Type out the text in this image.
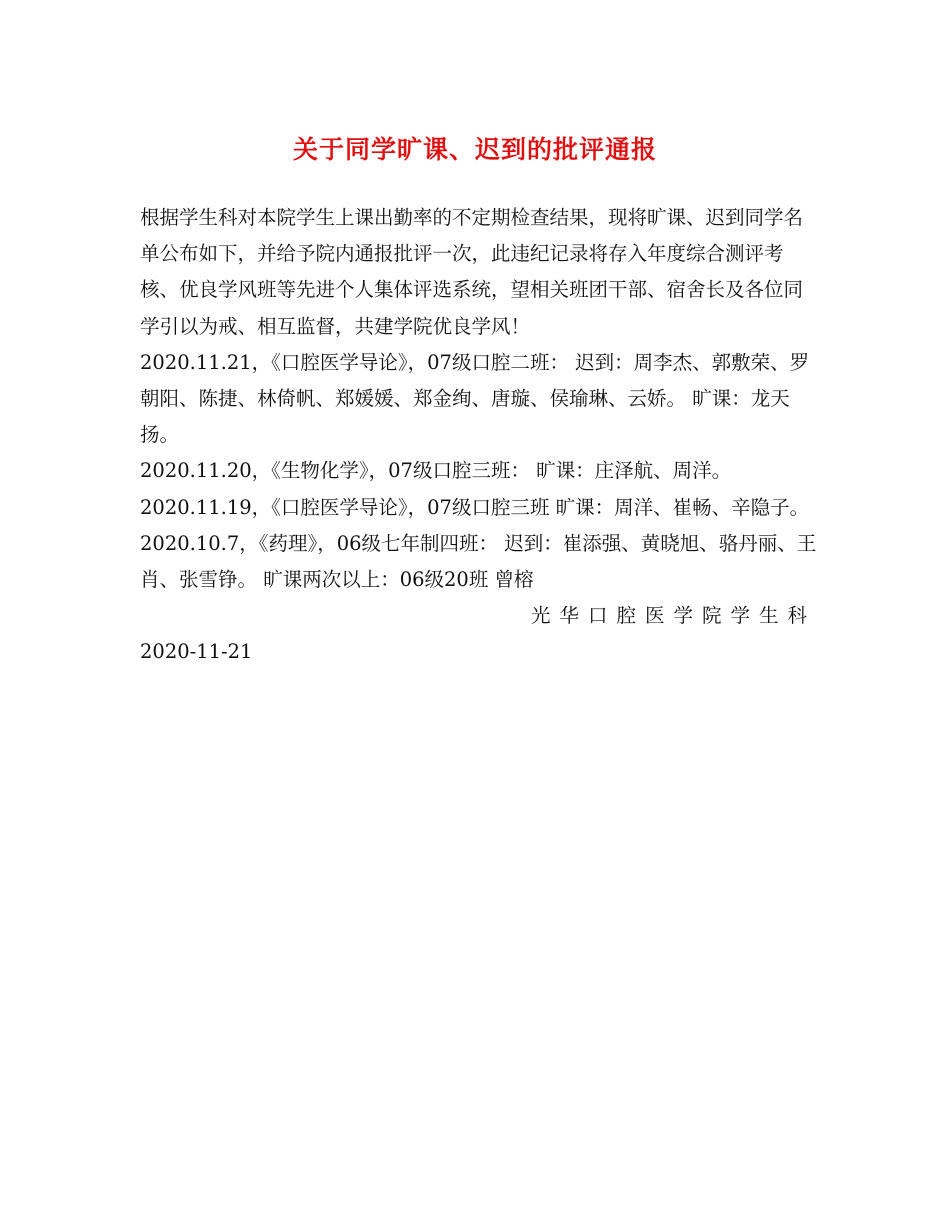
关于同学旷课、迟到的批评通报

根据学生科对本院学生上课出勤率的不定期检查结果，现将旷课、迟到同学名单公布如下，并给予院内通报批评一次，此违纪记录将存入年度综合测评考核、优良学风班等先进个人集体评选系统，望相关班团干部、宿舍长及各位同学引以为戒、相互监督，共建学院优良学风！

2020.11.21，《口腔医学导论》，07级口腔二班： 迟到：周李杰、郭敷荣、罗朝阳、陈捷、林倚帆、郑媛媛、郑金绚、唐璇、侯瑜琳、云娇。 旷课：龙天扬。

2020.11.20，《生物化学》，07级口腔三班： 旷课：庄泽航、周洋。

2020.11.19，《口腔医学导论》，07级口腔三班 旷课：周洋、崔畅、辛隐子。

2020.10.7，《药理》，06级七年制四班： 迟到：崔添强、黄晓旭、骆丹丽、王肖、张雪铮。 旷课两次以上：06级20班 曾榕

光华口腔医学院学生科

2020-11-21
